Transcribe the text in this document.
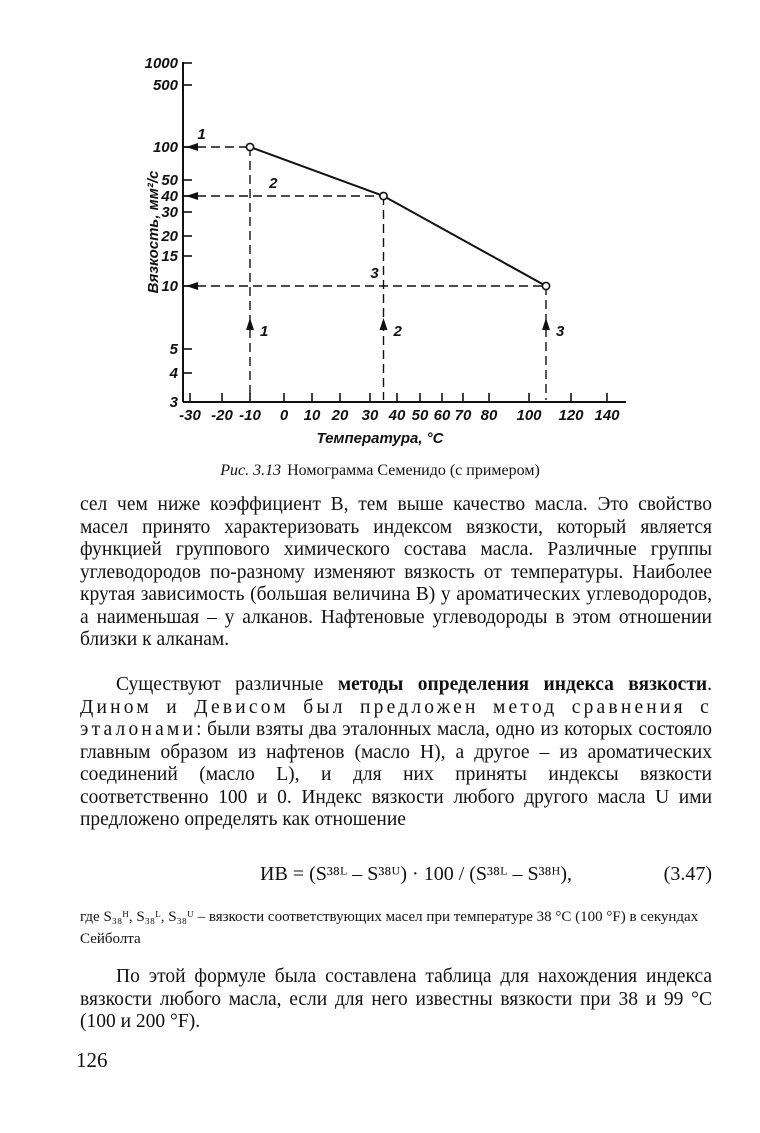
1000
500
100
50
40
30
20
15
10
5
4
3
-30 -20 -10 0 10 20 30 40 50 60 70 80 100 120 140
1
1
2
2
3
3
Вязкость, мм²/с
Температура, °С
Рис. 3.13 Номограмма Семенидо (с примером)

сел чем ниже коэффициент B, тем выше качество масла. Это свойство масел принято характеризовать индексом вязкости, который является функцией группового химического состава масла. Различные группы углеводородов по-разному изменяют вязкость от температуры. Наиболее крутая зависимость (большая величина B) у ароматических углеводородов, а наименьшая – у алканов. Нафтеновые углеводороды в этом отношении близки к алканам.

Существуют различные методы определения индекса вязкости. Дином и Девисом был предложен метод сравнения с эталонами: были взяты два эталонных масла, одно из которых состояло главным образом из нафтенов (масло H), а другое – из ароматических соединений (масло L), и для них приняты индексы вязкости соответственно 100 и 0. Индекс вязкости любого другого масла U ими предложено определять как отношение

ИВ = (S³⁸ᴸ – S³⁸ᵁ) · 100 / (S³⁸ᴸ – S³⁸ᴴ),	(3.47)
где S₃₈ᴴ, S₃₈ᴸ, S₃₈ᵁ – вязкости соответствующих масел при температуре 38 °C (100 °F) в секундах Сейболта

По этой формуле была составлена таблица для нахождения индекса вязкости любого масла, если для него известны вязкости при 38 и 99 °С (100 и 200 °F).

126
